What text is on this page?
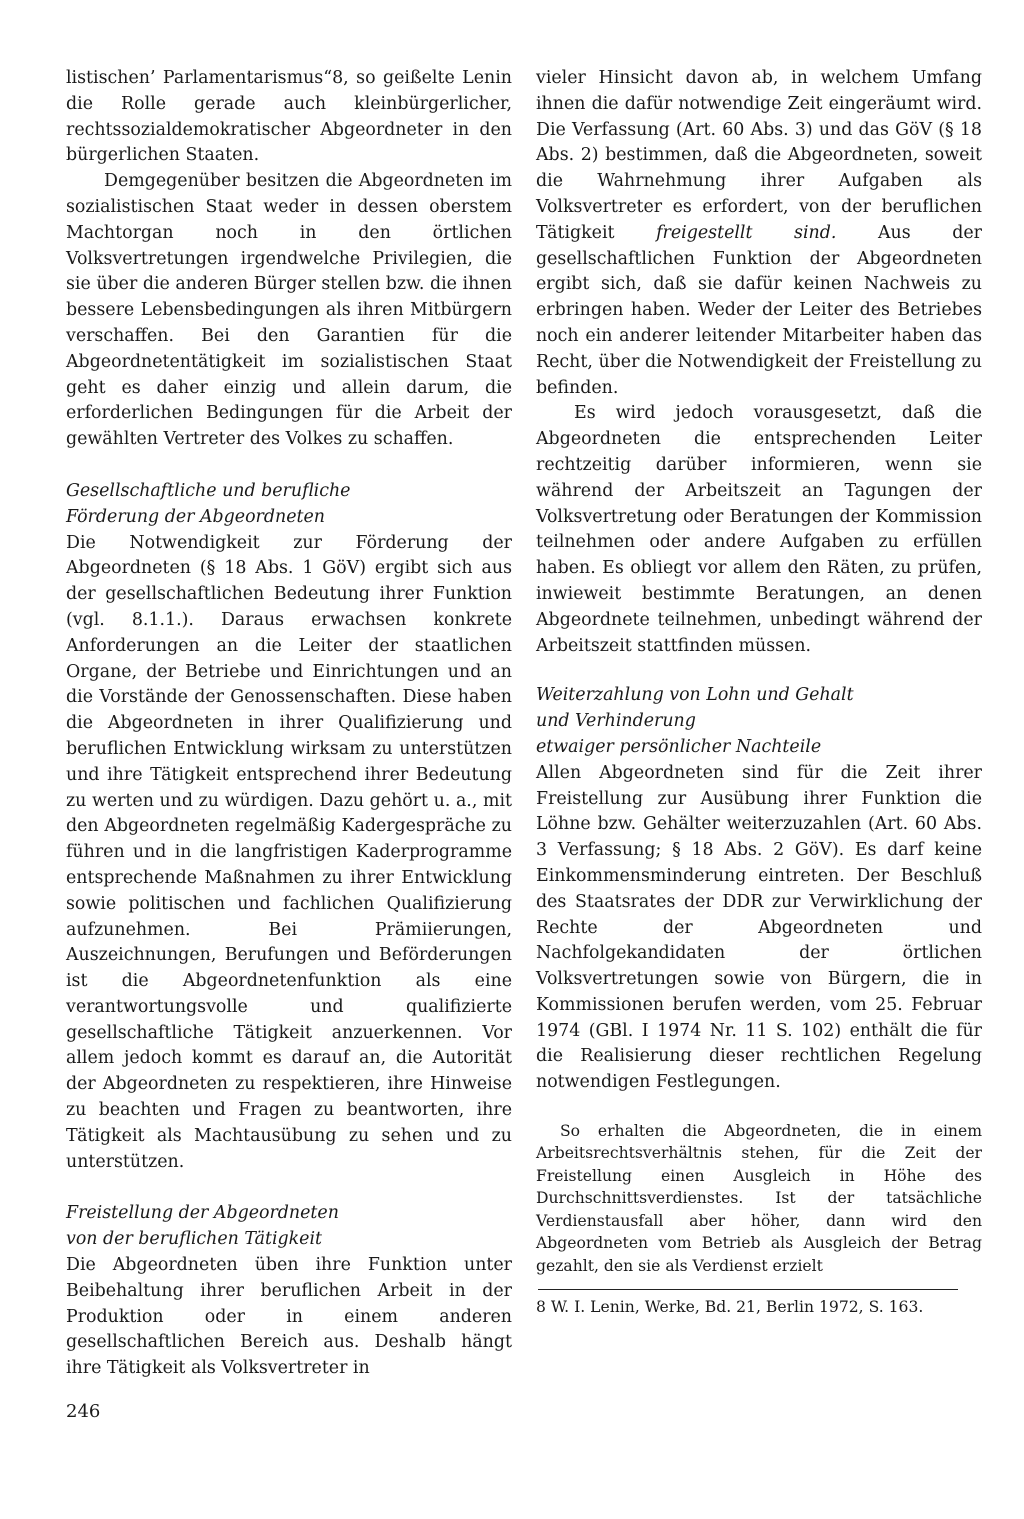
listischen’ Parlamentarismus“8, so geißelte Lenin die Rolle gerade auch kleinbürgerlicher, rechtssozialdemokratischer Abgeordneter in den bürgerlichen Staaten.

Demgegenüber besitzen die Abgeordneten im sozialistischen Staat weder in dessen oberstem Machtorgan noch in den örtlichen Volksvertretungen irgendwelche Privilegien, die sie über die anderen Bürger stellen bzw. die ihnen bessere Lebensbedingungen als ihren Mitbürgern verschaffen. Bei den Garantien für die Abgeordnetentätigkeit im sozialistischen Staat geht es daher einzig und allein darum, die erforderlichen Bedingungen für die Arbeit der gewählten Vertreter des Volkes zu schaffen.

Gesellschaftliche und berufliche
Förderung der Abgeordneten

Die Notwendigkeit zur Förderung der Abgeordneten (§ 18 Abs. 1 GöV) ergibt sich aus der gesellschaftlichen Bedeutung ihrer Funktion (vgl. 8.1.1.). Daraus erwachsen konkrete Anforderungen an die Leiter der staatlichen Organe, der Betriebe und Einrichtungen und an die Vorstände der Genossenschaften. Diese haben die Abgeordneten in ihrer Qualifizierung und beruflichen Entwicklung wirksam zu unterstützen und ihre Tätigkeit entsprechend ihrer Bedeutung zu werten und zu würdigen. Dazu gehört u. a., mit den Abgeordneten regelmäßig Kadergespräche zu führen und in die langfristigen Kaderprogramme entsprechende Maßnahmen zu ihrer Entwicklung sowie politischen und fachlichen Qualifizierung aufzunehmen. Bei Prämiierungen, Auszeichnungen, Berufungen und Beförderungen ist die Abgeordnetenfunktion als eine verantwortungsvolle und qualifizierte gesellschaftliche Tätigkeit anzuerkennen. Vor allem jedoch kommt es darauf an, die Autorität der Abgeordneten zu respektieren, ihre Hinweise zu beachten und Fragen zu beantworten, ihre Tätigkeit als Machtausübung zu sehen und zu unterstützen.

Freistellung der Abgeordneten
von der beruflichen Tätigkeit

Die Abgeordneten üben ihre Funktion unter Beibehaltung ihrer beruflichen Arbeit in der Produktion oder in einem anderen gesellschaftlichen Bereich aus. Deshalb hängt ihre Tätigkeit als Volksvertreter in

vieler Hinsicht davon ab, in welchem Umfang ihnen die dafür notwendige Zeit eingeräumt wird. Die Verfassung (Art. 60 Abs. 3) und das GöV (§ 18 Abs. 2) bestimmen, daß die Abgeordneten, soweit die Wahrnehmung ihrer Aufgaben als Volksvertreter es erfordert, von der beruflichen Tätigkeit freigestellt sind. Aus der gesellschaftlichen Funktion der Abgeordneten ergibt sich, daß sie dafür keinen Nachweis zu erbringen haben. Weder der Leiter des Betriebes noch ein anderer leitender Mitarbeiter haben das Recht, über die Notwendigkeit der Freistellung zu befinden.

Es wird jedoch vorausgesetzt, daß die Abgeordneten die entsprechenden Leiter rechtzeitig darüber informieren, wenn sie während der Arbeitszeit an Tagungen der Volksvertretung oder Beratungen der Kommission teilnehmen oder andere Aufgaben zu erfüllen haben. Es obliegt vor allem den Räten, zu prüfen, inwieweit bestimmte Beratungen, an denen Abgeordnete teilnehmen, unbedingt während der Arbeitszeit stattfinden müssen.

Weiterzahlung von Lohn und Gehalt
und Verhinderung
etwaiger persönlicher Nachteile

Allen Abgeordneten sind für die Zeit ihrer Freistellung zur Ausübung ihrer Funktion die Löhne bzw. Gehälter weiterzuzahlen (Art. 60 Abs. 3 Verfassung; § 18 Abs. 2 GöV). Es darf keine Einkommensminderung eintreten. Der Beschluß des Staatsrates der DDR zur Verwirklichung der Rechte der Abgeordneten und Nachfolgekandidaten der örtlichen Volksvertretungen sowie von Bürgern, die in Kommissionen berufen werden, vom 25. Februar 1974 (GBl. I 1974 Nr. 11 S. 102) enthält die für die Realisierung dieser rechtlichen Regelung notwendigen Festlegungen.

So erhalten die Abgeordneten, die in einem Arbeitsrechtsverhältnis stehen, für die Zeit der Freistellung einen Ausgleich in Höhe des Durchschnittsverdienstes. Ist der tatsächliche Verdienstausfall aber höher, dann wird den Abgeordneten vom Betrieb als Ausgleich der Betrag gezahlt, den sie als Verdienst erzielt

8 W. I. Lenin, Werke, Bd. 21, Berlin 1972, S. 163.

246
